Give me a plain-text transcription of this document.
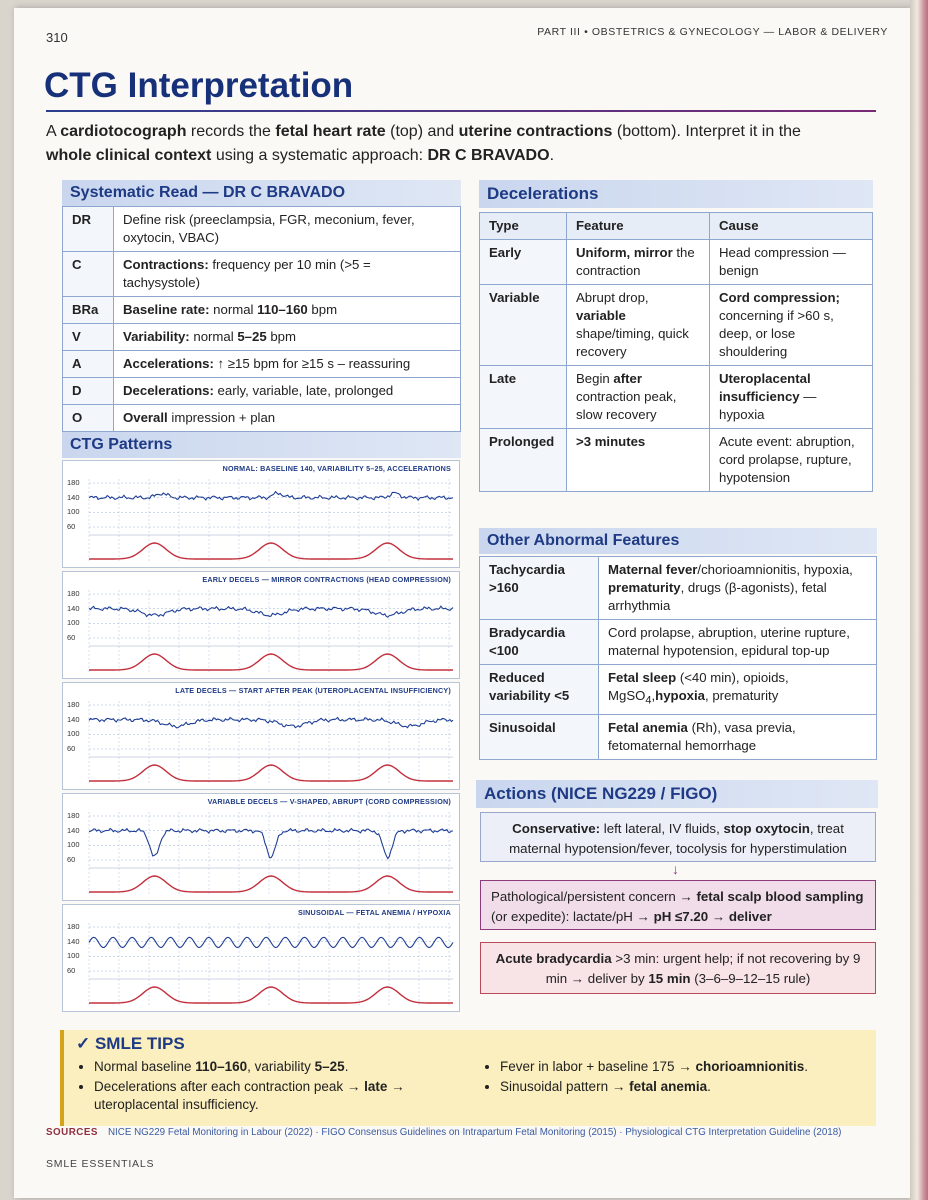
310	PART III • OBSTETRICS & GYNECOLOGY — LABOR & DELIVERY
CTG Interpretation
A cardiotocograph records the fetal heart rate (top) and uterine contractions (bottom). Interpret it in the
whole clinical context using a systematic approach: DR C BRAVADO.
Systematic Read — DR C BRAVADO
DR	Define risk (preeclampsia, FGR, meconium, fever, oxytocin, VBAC)
C	Contractions: frequency per 10 min (>5 = tachysystole)
BRa	Baseline rate: normal 110–160 bpm
V	Variability: normal 5–25 bpm
A	Accelerations: ↑ ≥15 bpm for ≥15 s – reassuring
D	Decelerations: early, variable, late, prolonged
O	Overall impression + plan
CTG Patterns
NORMAL: BASELINE 140, VARIABILITY 5–25, ACCELERATIONS
180
140
100
60
EARLY DECELS — MIRROR CONTRACTIONS (HEAD COMPRESSION)
180
140
100
60
LATE DECELS — START AFTER PEAK (UTEROPLACENTAL INSUFFICIENCY)
180
140
100
60
VARIABLE DECELS — V-SHAPED, ABRUPT (CORD COMPRESSION)
180
140
100
60
SINUSOIDAL — FETAL ANEMIA / HYPOXIA
180
140
100
60
Decelerations
Type	Feature	Cause
Early	Uniform, mirror the contraction	Head compression — benign
Variable	Abrupt drop, variable shape/timing, quick recovery	Cord compression; concerning if >60 s, deep, or lose shouldering
Late	Begin after contraction peak, slow recovery	Uteroplacental insufficiency — hypoxia
Prolonged	>3 minutes	Acute event: abruption, cord prolapse, rupture, hypotension
Other Abnormal Features
Tachycardia >160	Maternal fever/chorioamnionitis, hypoxia, prematurity, drugs (β-agonists), fetal arrhythmia
Bradycardia <100	Cord prolapse, abruption, uterine rupture, maternal hypotension, epidural top-up
Reduced variability <5	Fetal sleep (<40 min), opioids, MgSO$_4$,hypoxia, prematurity
Sinusoidal	Fetal anemia (Rh), vasa previa, fetomaternal hemorrhage
Actions (NICE NG229 / FIGO)
Conservative: left lateral, IV fluids, stop oxytocin, treat maternal hypotension/fever, tocolysis for hyperstimulation
↓
Pathological/persistent concern → fetal scalp blood sampling (or expedite): lactate/pH → pH ≤7.20 → deliver
Acute bradycardia >3 min: urgent help; if not recovering by 9 min → deliver by 15 min (3–6–9–12–15 rule)
✓ SMLE TIPS
• Normal baseline 110–160, variability 5–25.
• Decelerations after each contraction peak → late → uteroplacental insufficiency.
• Fever in labor + baseline 175 → chorioamnionitis.
• Sinusoidal pattern → fetal anemia.
SOURCES NICE NG229 Fetal Monitoring in Labour (2022) · FIGO Consensus Guidelines on Intrapartum Fetal Monitoring (2015) · Physiological CTG Interpretation Guideline (2018)
SMLE ESSENTIALS
